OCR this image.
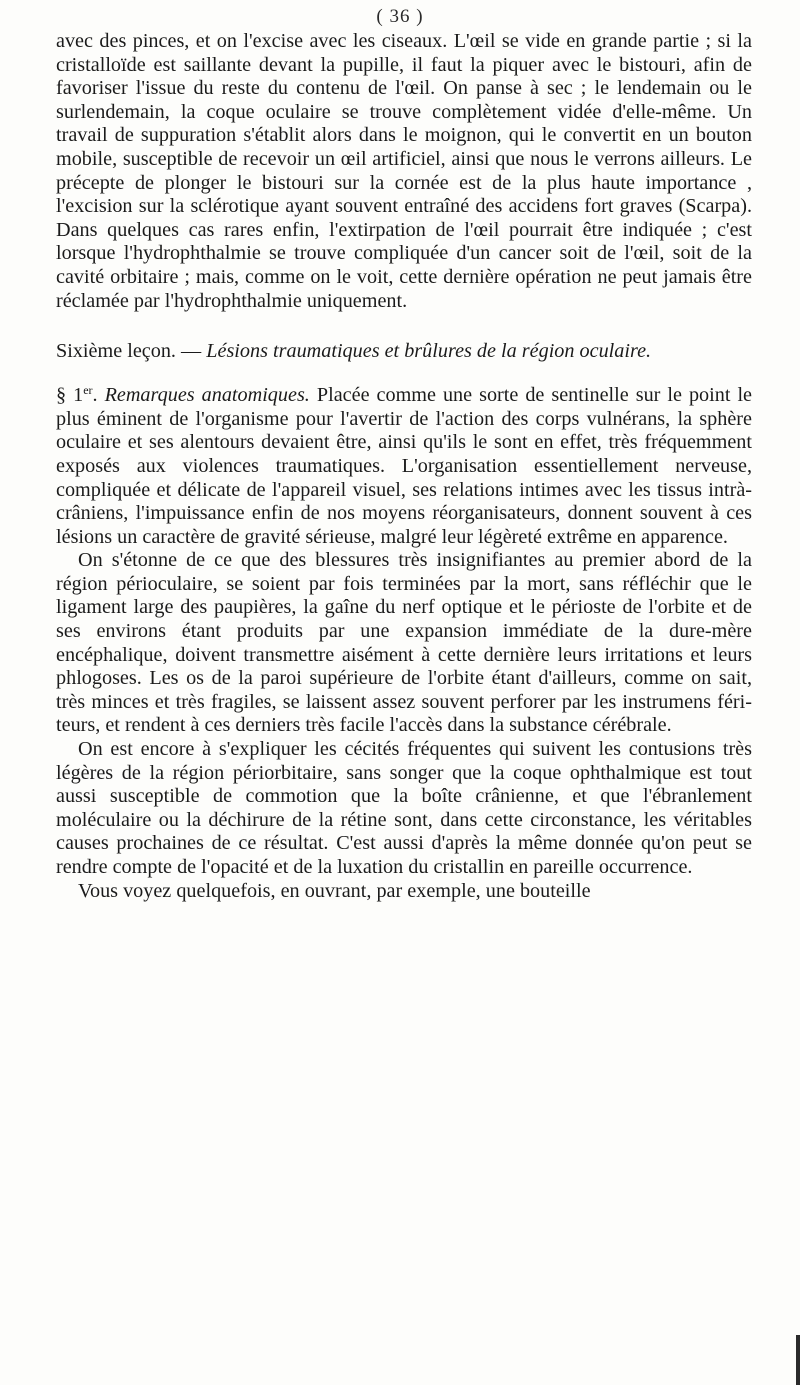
( 36 )

avec des pinces, et on l'excise avec les ciseaux. L'œil se vide en grande partie ; si la cristalloïde est saillante devant la pupille, il faut la piquer avec le bistouri, afin de favoriser l'issue du reste du contenu de l'œil. On panse à sec ; le lendemain ou le surlendemain, la coque oculaire se trouve complètement vidée d'elle-même. Un travail de suppuration s'établit alors dans le moignon, qui le convertit en un bouton mobile, susceptible de recevoir un œil artificiel, ainsi que nous le verrons ailleurs. Le précepte de plonger le bistouri sur la cornée est de la plus haute importance , l'excision sur la sclérotique ayant souvent entraîné des accidens fort graves (Scarpa). Dans quelques cas rares enfin, l'extirpation de l'œil pourrait être indiquée ; c'est lorsque l'hydrophthalmie se trouve compliquée d'un cancer soit de l'œil, soit de la cavité orbitaire ; mais, comme on le voit, cette dernière opération ne peut jamais être réclamée par l'hydrophthalmie uniquement.

Sixième leçon. — Lésions traumatiques et brûlures de la région oculaire.

§ 1er. Remarques anatomiques. Placée comme une sorte de sentinelle sur le point le plus éminent de l'organisme pour l'avertir de l'action des corps vulnérans, la sphère oculaire et ses alentours devaient être, ainsi qu'ils le sont en effet, très fréquemment exposés aux violences traumatiques. L'organisation essentiellement nerveuse, compliquée et délicate de l'appareil visuel, ses relations intimes avec les tissus intrà-crâniens, l'impuissance enfin de nos moyens réorganisateurs, donnent souvent à ces lésions un caractère de gravité sérieuse, malgré leur légèreté extrême en apparence.

On s'étonne de ce que des blessures très insignifiantes au premier abord de la région périoculaire, se soient par fois terminées par la mort, sans réfléchir que le ligament large des paupières, la gaîne du nerf optique et le périoste de l'orbite et de ses environs étant produits par une expansion immédiate de la dure-mère encéphalique, doivent transmettre aisément à cette dernière leurs irritations et leurs phlogoses. Les os de la paroi supérieure de l'orbite étant d'ailleurs, comme on sait, très minces et très fragiles, se laissent assez souvent perforer par les instrumens fériteurs, et rendent à ces derniers très facile l'accès dans la substance cérébrale.

On est encore à s'expliquer les cécités fréquentes qui suivent les contusions très légères de la région périorbitaire, sans songer que la coque ophthalmique est tout aussi susceptible de commotion que la boîte crânienne, et que l'ébranlement moléculaire ou la déchirure de la rétine sont, dans cette circonstance, les véritables causes prochaines de ce résultat. C'est aussi d'après la même donnée qu'on peut se rendre compte de l'opacité et de la luxation du cristallin en pareille occurrence.

Vous voyez quelquefois, en ouvrant, par exemple, une bouteille
